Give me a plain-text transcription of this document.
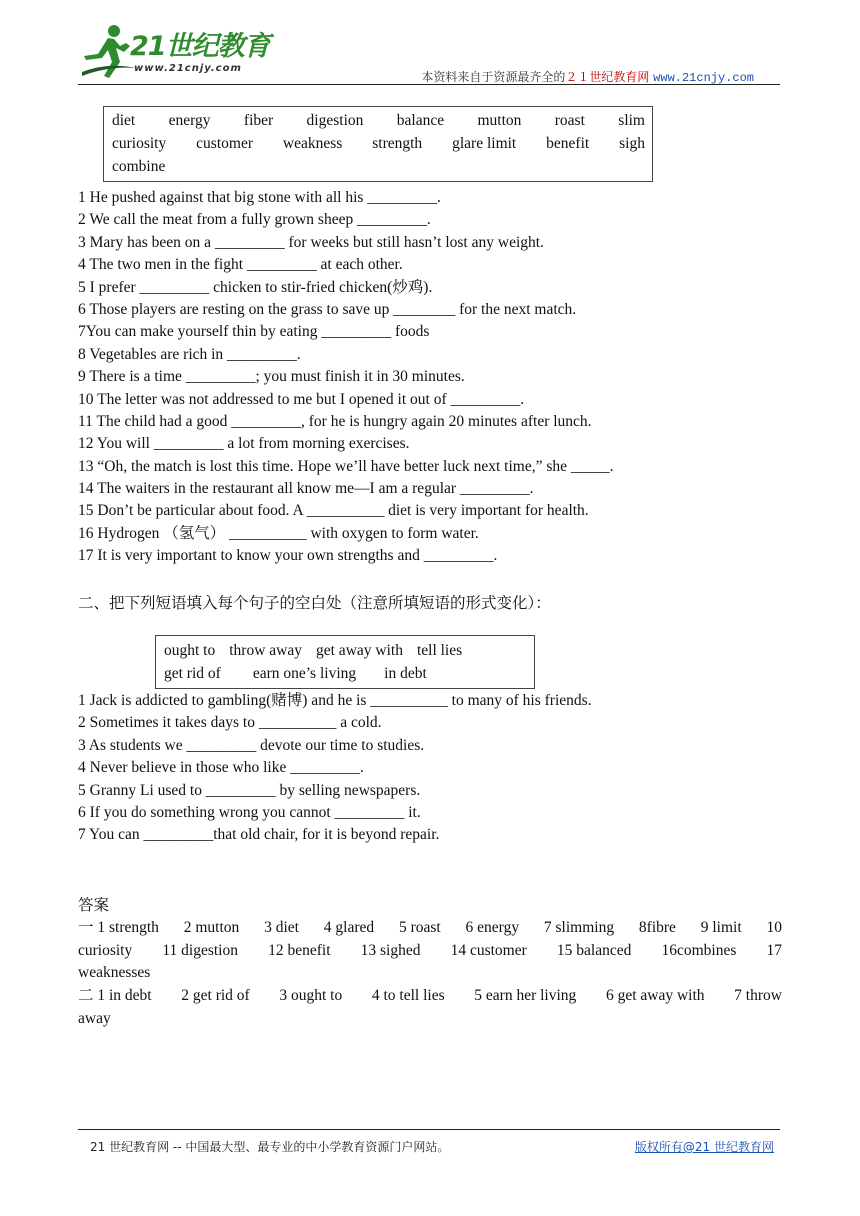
21世纪教育
www.21cnjy.com
本资料来自于资源最齐全的２１世纪教育网 www.21cnjy.com
diet energy fiber digestion balance mutton roast slim
curiosity customer weakness strength glare limit benefit sigh
combine
1 He pushed against that big stone with all his _________.
2 We call the meat from a fully grown sheep _________.
3 Mary has been on a _________ for weeks but still hasn’t lost any weight.
4 The two men in the fight _________ at each other.
5 I prefer _________ chicken to stir-fried chicken(炒鸡).
6 Those players are resting on the grass to save up ________ for the next match.
7You can make yourself thin by eating _________ foods
8 Vegetables are rich in _________.
9 There is a time _________; you must finish it in 30 minutes.
10 The letter was not addressed to me but I opened it out of _________.
11 The child had a good _________, for he is hungry again 20 minutes after lunch.
12 You will _________ a lot from morning exercises.
13 “Oh, the match is lost this time. Hope we’ll have better luck next time,” she _____.
14 The waiters in the restaurant all know me—I am a regular _________.
15 Don’t be particular about food. A __________ diet is very important for health.
16 Hydrogen （氢气） __________ with oxygen to form water.
17 It is very important to know your own strengths and _________.
二、把下列短语填入每个句子的空白处（注意所填短语的形式变化）：
ought to throw away get away with tell lies
get rid of earn one’s living in debt
1 Jack is addicted to gambling(赌博) and he is __________ to many of his friends.
2 Sometimes it takes days to __________ a cold.
3 As students we _________ devote our time to studies.
4 Never believe in those who like _________.
5 Granny Li used to _________ by selling newspapers.
6 If you do something wrong you cannot _________ it.
7 You can _________that old chair, for it is beyond repair.
答案
一 1 strength 2 mutton 3 diet 4 glared 5 roast 6 energy 7 slimming 8fibre 9 limit 10
curiosity 11 digestion 12 benefit 13 sighed 14 customer 15 balanced 16combines 17
weaknesses
二 1 in debt 2 get rid of 3 ought to 4 to tell lies 5 earn her living 6 get away with 7 throw
away
21 世纪教育网 -- 中国最大型、最专业的中小学教育资源门户网站。	版权所有@21 世纪教育网
